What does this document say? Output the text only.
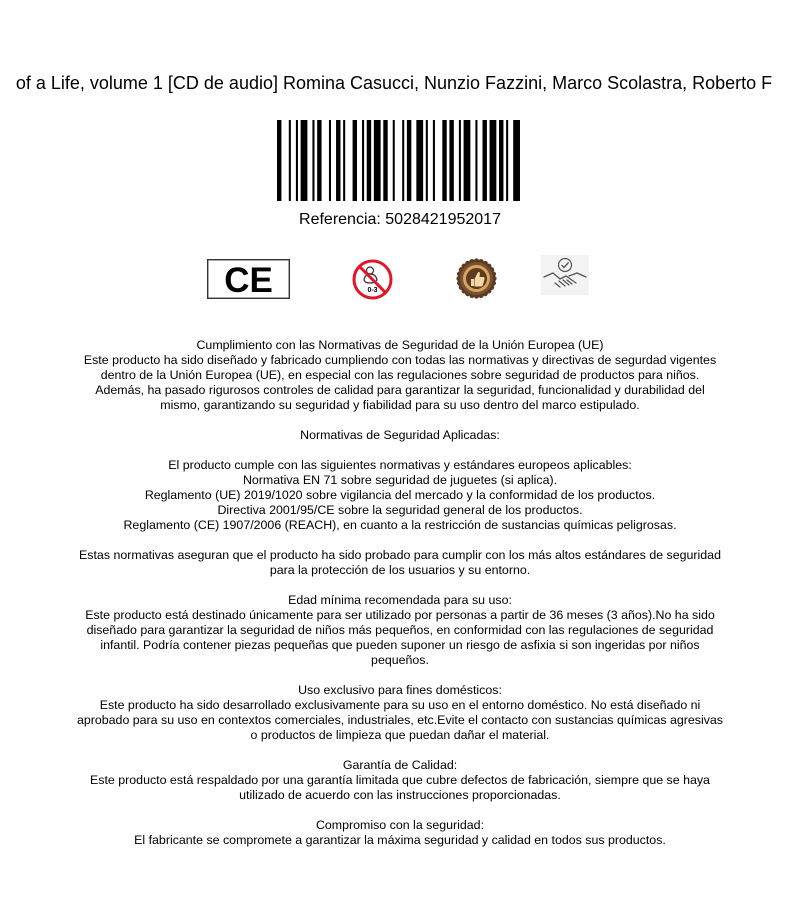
of a Life, volume 1 [CD de audio] Romina Casucci, Nunzio Fazzini, Marco Scolastra, Roberto F
Referencia: 5028421952017
CE	0-3

Cumplimiento con las Normativas de Seguridad de la Unión Europea (UE)
Este producto ha sido diseñado y fabricado cumpliendo con todas las normativas y directivas de segurdad vigentes dentro de la Unión Europea (UE), en especial con las regulaciones sobre seguridad de productos para niños. Además, ha pasado rigurosos controles de calidad para garantizar la seguridad, funcionalidad y durabilidad del mismo, garantizando su seguridad y fiabilidad para su uso dentro del marco estipulado.

Normativas de Seguridad Aplicadas:

El producto cumple con las siguientes normativas y estándares europeos aplicables:
Normativa EN 71 sobre seguridad de juguetes (si aplica).
Reglamento (UE) 2019/1020 sobre vigilancia del mercado y la conformidad de los productos.
Directiva 2001/95/CE sobre la seguridad general de los productos.
Reglamento (CE) 1907/2006 (REACH), en cuanto a la restricción de sustancias químicas peligrosas.

Estas normativas aseguran que el producto ha sido probado para cumplir con los más altos estándares de seguridad para la protección de los usuarios y su entorno.

Edad mínima recomendada para su uso:
Este producto está destinado únicamente para ser utilizado por personas a partir de 36 meses (3 años).No ha sido diseñado para garantizar la seguridad de niños más pequeños, en conformidad con las regulaciones de seguridad infantil. Podría contener piezas pequeñas que pueden suponer un riesgo de asfixia si son ingeridas por niños pequeños.

Uso exclusivo para fines domésticos:
Este producto ha sido desarrollado exclusivamente para su uso en el entorno doméstico. No está diseñado ni aprobado para su uso en contextos comerciales, industriales, etc.Evite el contacto con sustancias químicas agresivas o productos de limpieza que puedan dañar el material.

Garantía de Calidad:
Este producto está respaldado por una garantía limitada que cubre defectos de fabricación, siempre que se haya utilizado de acuerdo con las instrucciones proporcionadas.

Compromiso con la seguridad:
El fabricante se compromete a garantizar la máxima seguridad y calidad en todos sus productos.
